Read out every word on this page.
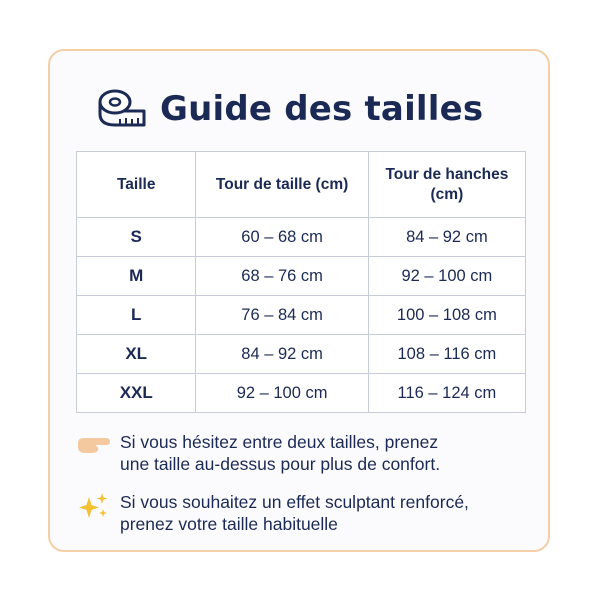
Guide des tailles
Taille	Tour de taille (cm)	Tour de hanches
(cm)

S	60 – 68 cm	84 – 92 cm
M	68 – 76 cm	92 – 100 cm
L	76 – 84 cm	100 – 108 cm
XL	84 – 92 cm	108 – 116 cm
XXL	92 – 100 cm	116 – 124 cm
Si vous hésitez entre deux tailles, prenez
une taille au-dessus pour plus de confort.
Si vous souhaitez un effet sculptant renforcé,
prenez votre taille habituelle
